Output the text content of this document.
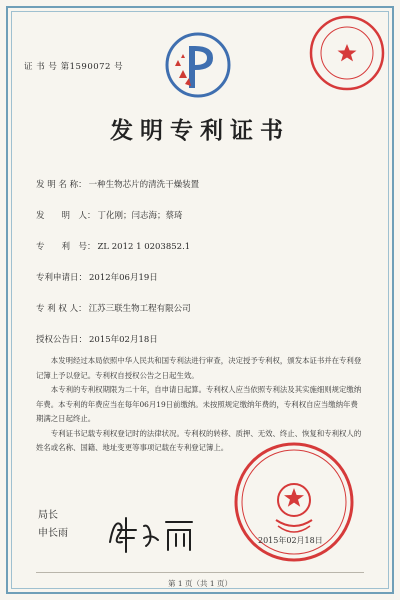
证 书 号 第1590072 号
发明专利证书
发 明 名 称： 一种生物芯片的清洗干燥装置
发　　明　人： 丁化刚；闫志海；蔡琦
专　　利　号： ZL 2012 1 0203852.1
专利申请日： 2012年06月19日
专 利 权 人： 江苏三联生物工程有限公司
授权公告日： 2015年02月18日

本发明经过本局依照中华人民共和国专利法进行审查，决定授予专利权，颁发本证书并在专利登记簿上予以登记。专利权自授权公告之日起生效。

本专利的专利权期限为二十年，自申请日起算。专利权人应当依照专利法及其实施细则规定缴纳年费。本专利的年费应当在每年06月19日前缴纳。未按照规定缴纳年费的，专利权自应当缴纳年费期满之日起终止。

专利证书记载专利权登记时的法律状况。专利权的转移、质押、无效、终止、恢复和专利权人的姓名或名称、国籍、地址变更等事项记载在专利登记簿上。

2015年02月18日
局长
申长雨
第 1 页（共 1 页）
